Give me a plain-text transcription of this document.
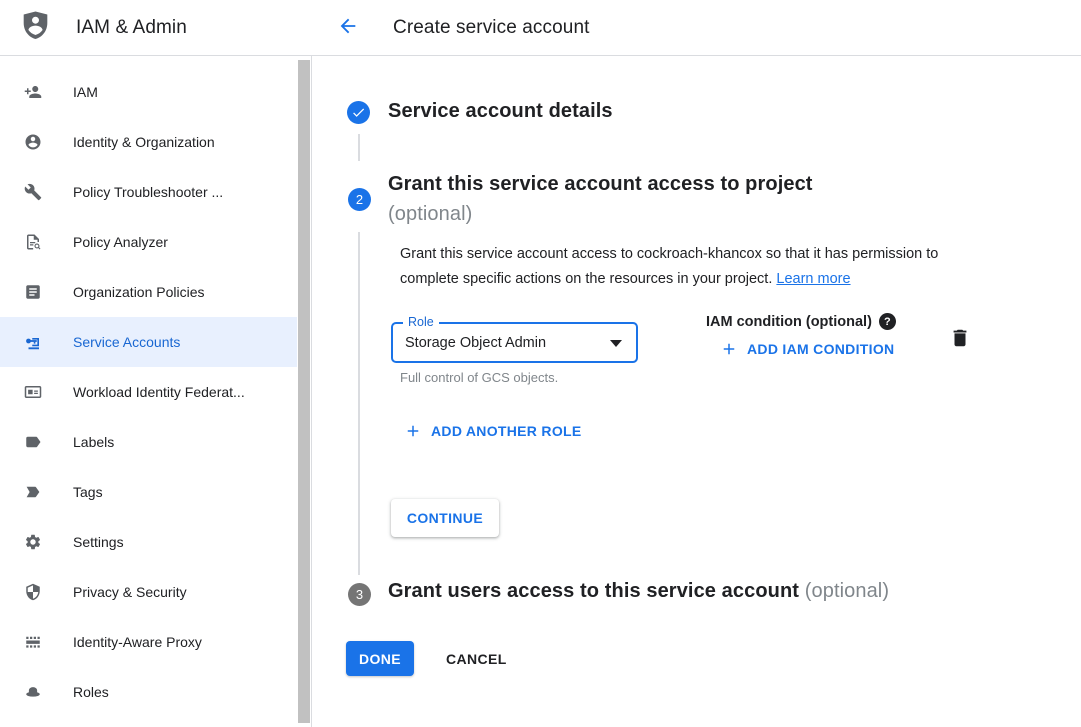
IAM & Admin	Create service account
IAM
Identity & Organization
Policy Troubleshooter ...
Policy Analyzer
Organization Policies
Service Accounts
Workload Identity Federat...
Labels
Tags
Settings
Privacy & Security
Identity-Aware Proxy
Roles
Service account details
2
Grant this service account access to project
(optional)

Grant this service account access to cockroach-khancox so that it has permission to complete specific actions on the resources in your project. Learn more

Role
Storage Object Admin
Full control of GCS objects.
IAM condition (optional)	?
ADD IAM CONDITION
ADD ANOTHER ROLE
CONTINUE
3 Grant users access to this service account (optional)
DONE	CANCEL
